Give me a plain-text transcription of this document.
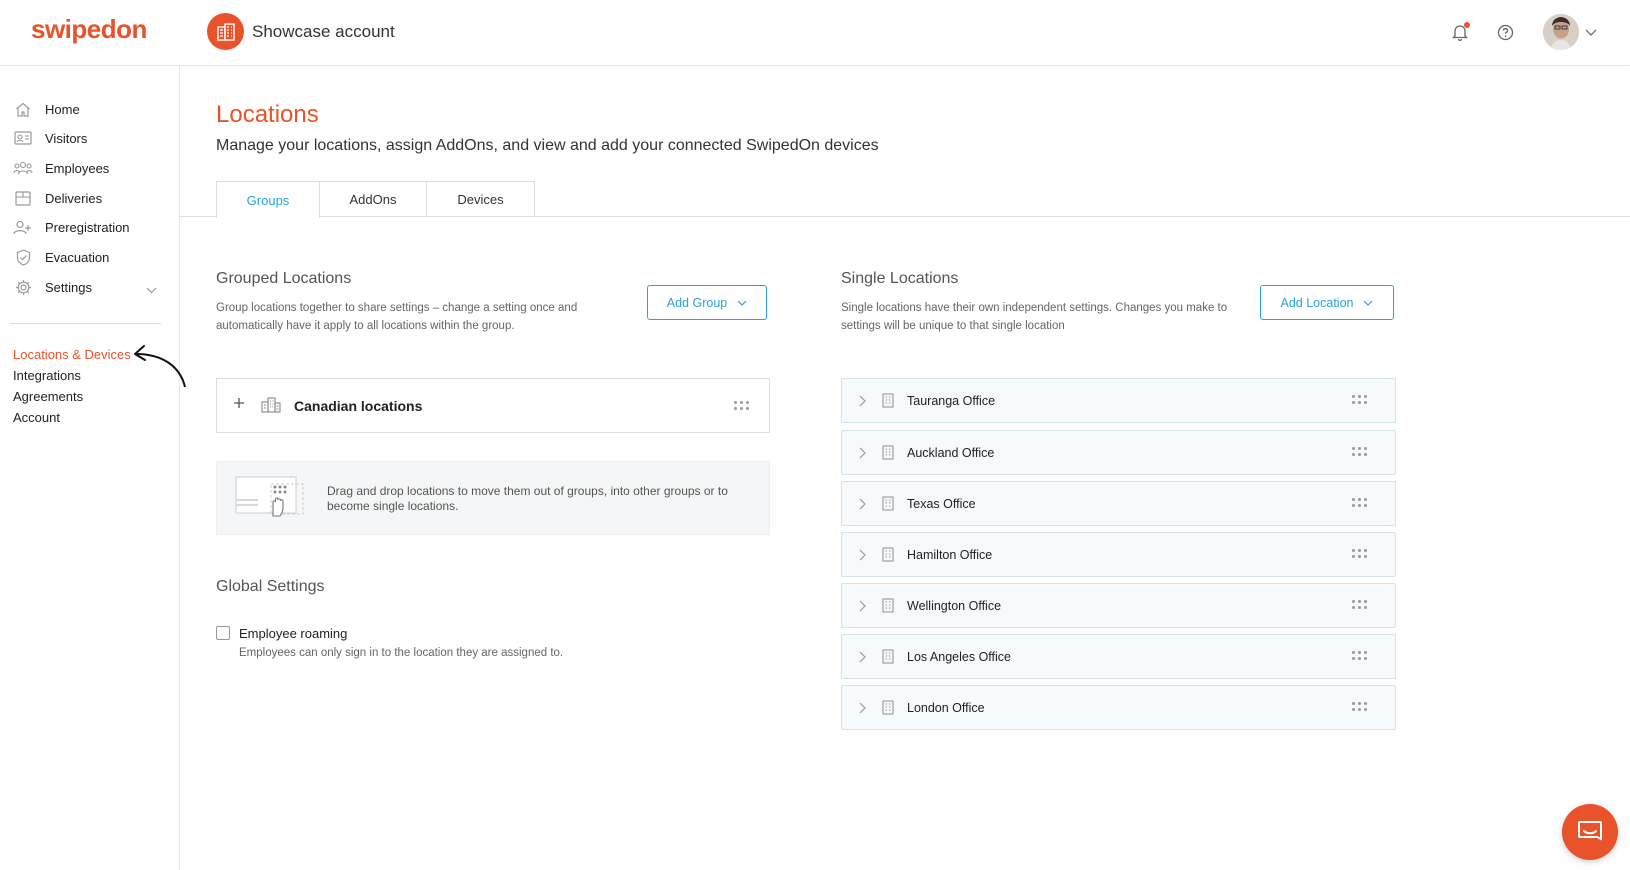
swipedon	Showcase account
Home
Visitors
Employees
Deliveries
Preregistration
Evacuation
Settings
Locations & Devices
Integrations
Agreements
Account
Locations
Manage your locations, assign AddOns, and view and add your connected SwipedOn devices
Groups	AddOns	Devices
Grouped Locations
Group locations together to share settings – change a setting once and automatically have it apply to all locations within the group.
Add Group
Canadian locations
Drag and drop locations to move them out of groups, into other groups or to become single locations.
Global Settings
Employee roaming
Employees can only sign in to the location they are assigned to.
Single Locations
Single locations have their own independent settings. Changes you make to settings will be unique to that single location
Add Location
Tauranga Office
Auckland Office
Texas Office
Hamilton Office
Wellington Office
Los Angeles Office
London Office
